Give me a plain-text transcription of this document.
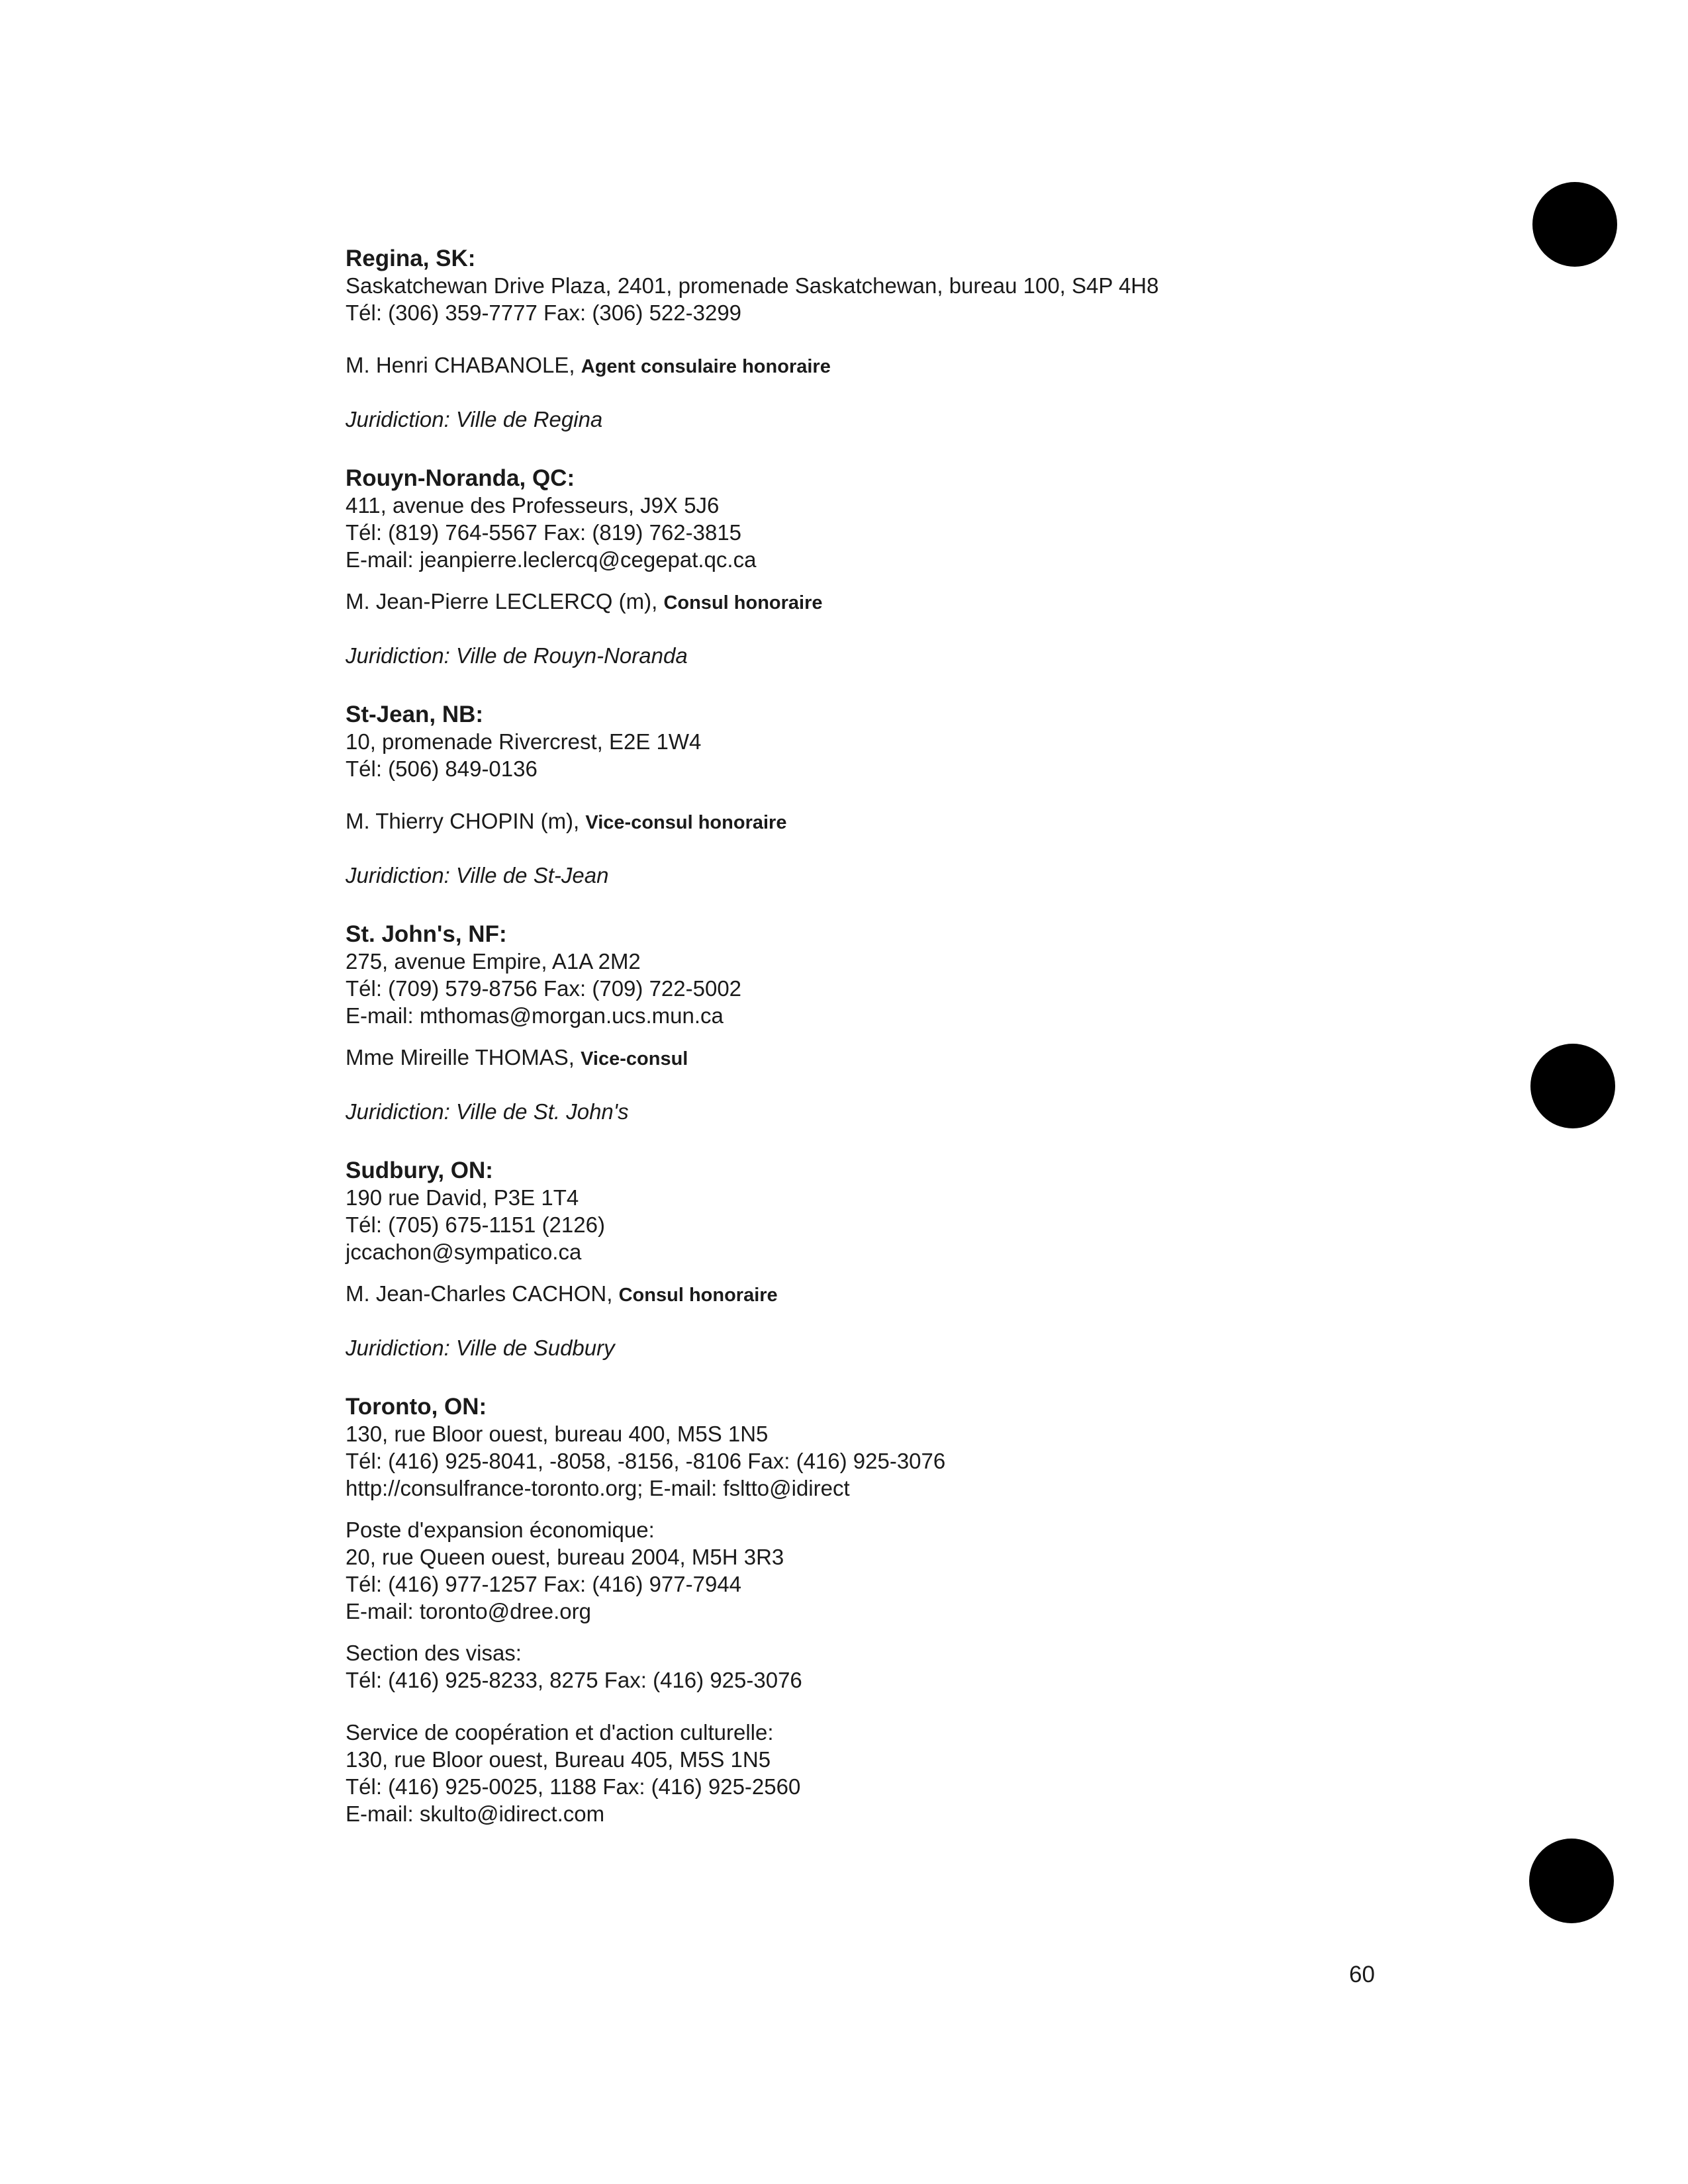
Regina, SK:
Saskatchewan Drive Plaza, 2401, promenade Saskatchewan, bureau 100, S4P 4H8
Tél: (306) 359-7777 Fax: (306) 522-3299
M. Henri CHABANOLE, Agent consulaire honoraire
Juridiction: Ville de Regina
Rouyn-Noranda, QC:
411, avenue des Professeurs, J9X 5J6
Tél: (819) 764-5567 Fax: (819) 762-3815
E-mail: jeanpierre.leclercq@cegepat.qc.ca
M. Jean-Pierre LECLERCQ (m), Consul honoraire
Juridiction: Ville de Rouyn-Noranda
St-Jean, NB:
10, promenade Rivercrest, E2E 1W4
Tél: (506) 849-0136
M. Thierry CHOPIN (m), Vice-consul honoraire
Juridiction: Ville de St-Jean
St. John's, NF:
275, avenue Empire, A1A 2M2
Tél: (709) 579-8756 Fax: (709) 722-5002
E-mail: mthomas@morgan.ucs.mun.ca
Mme Mireille THOMAS, Vice-consul
Juridiction: Ville de St. John's
Sudbury, ON:
190 rue David, P3E 1T4
Tél: (705) 675-1151 (2126)
jccachon@sympatico.ca
M. Jean-Charles CACHON, Consul honoraire
Juridiction: Ville de Sudbury
Toronto, ON:
130, rue Bloor ouest, bureau 400, M5S 1N5
Tél: (416) 925-8041, -8058, -8156, -8106 Fax: (416) 925-3076
http://consulfrance-toronto.org; E-mail: fsltto@idirect
Poste d'expansion économique:
20, rue Queen ouest, bureau 2004, M5H 3R3
Tél: (416) 977-1257 Fax: (416) 977-7944
E-mail: toronto@dree.org
Section des visas:
Tél: (416) 925-8233, 8275 Fax: (416) 925-3076
Service de coopération et d'action culturelle:
130, rue Bloor ouest, Bureau 405, M5S 1N5
Tél: (416) 925-0025, 1188 Fax: (416) 925-2560
E-mail: skulto@idirect.com
60
